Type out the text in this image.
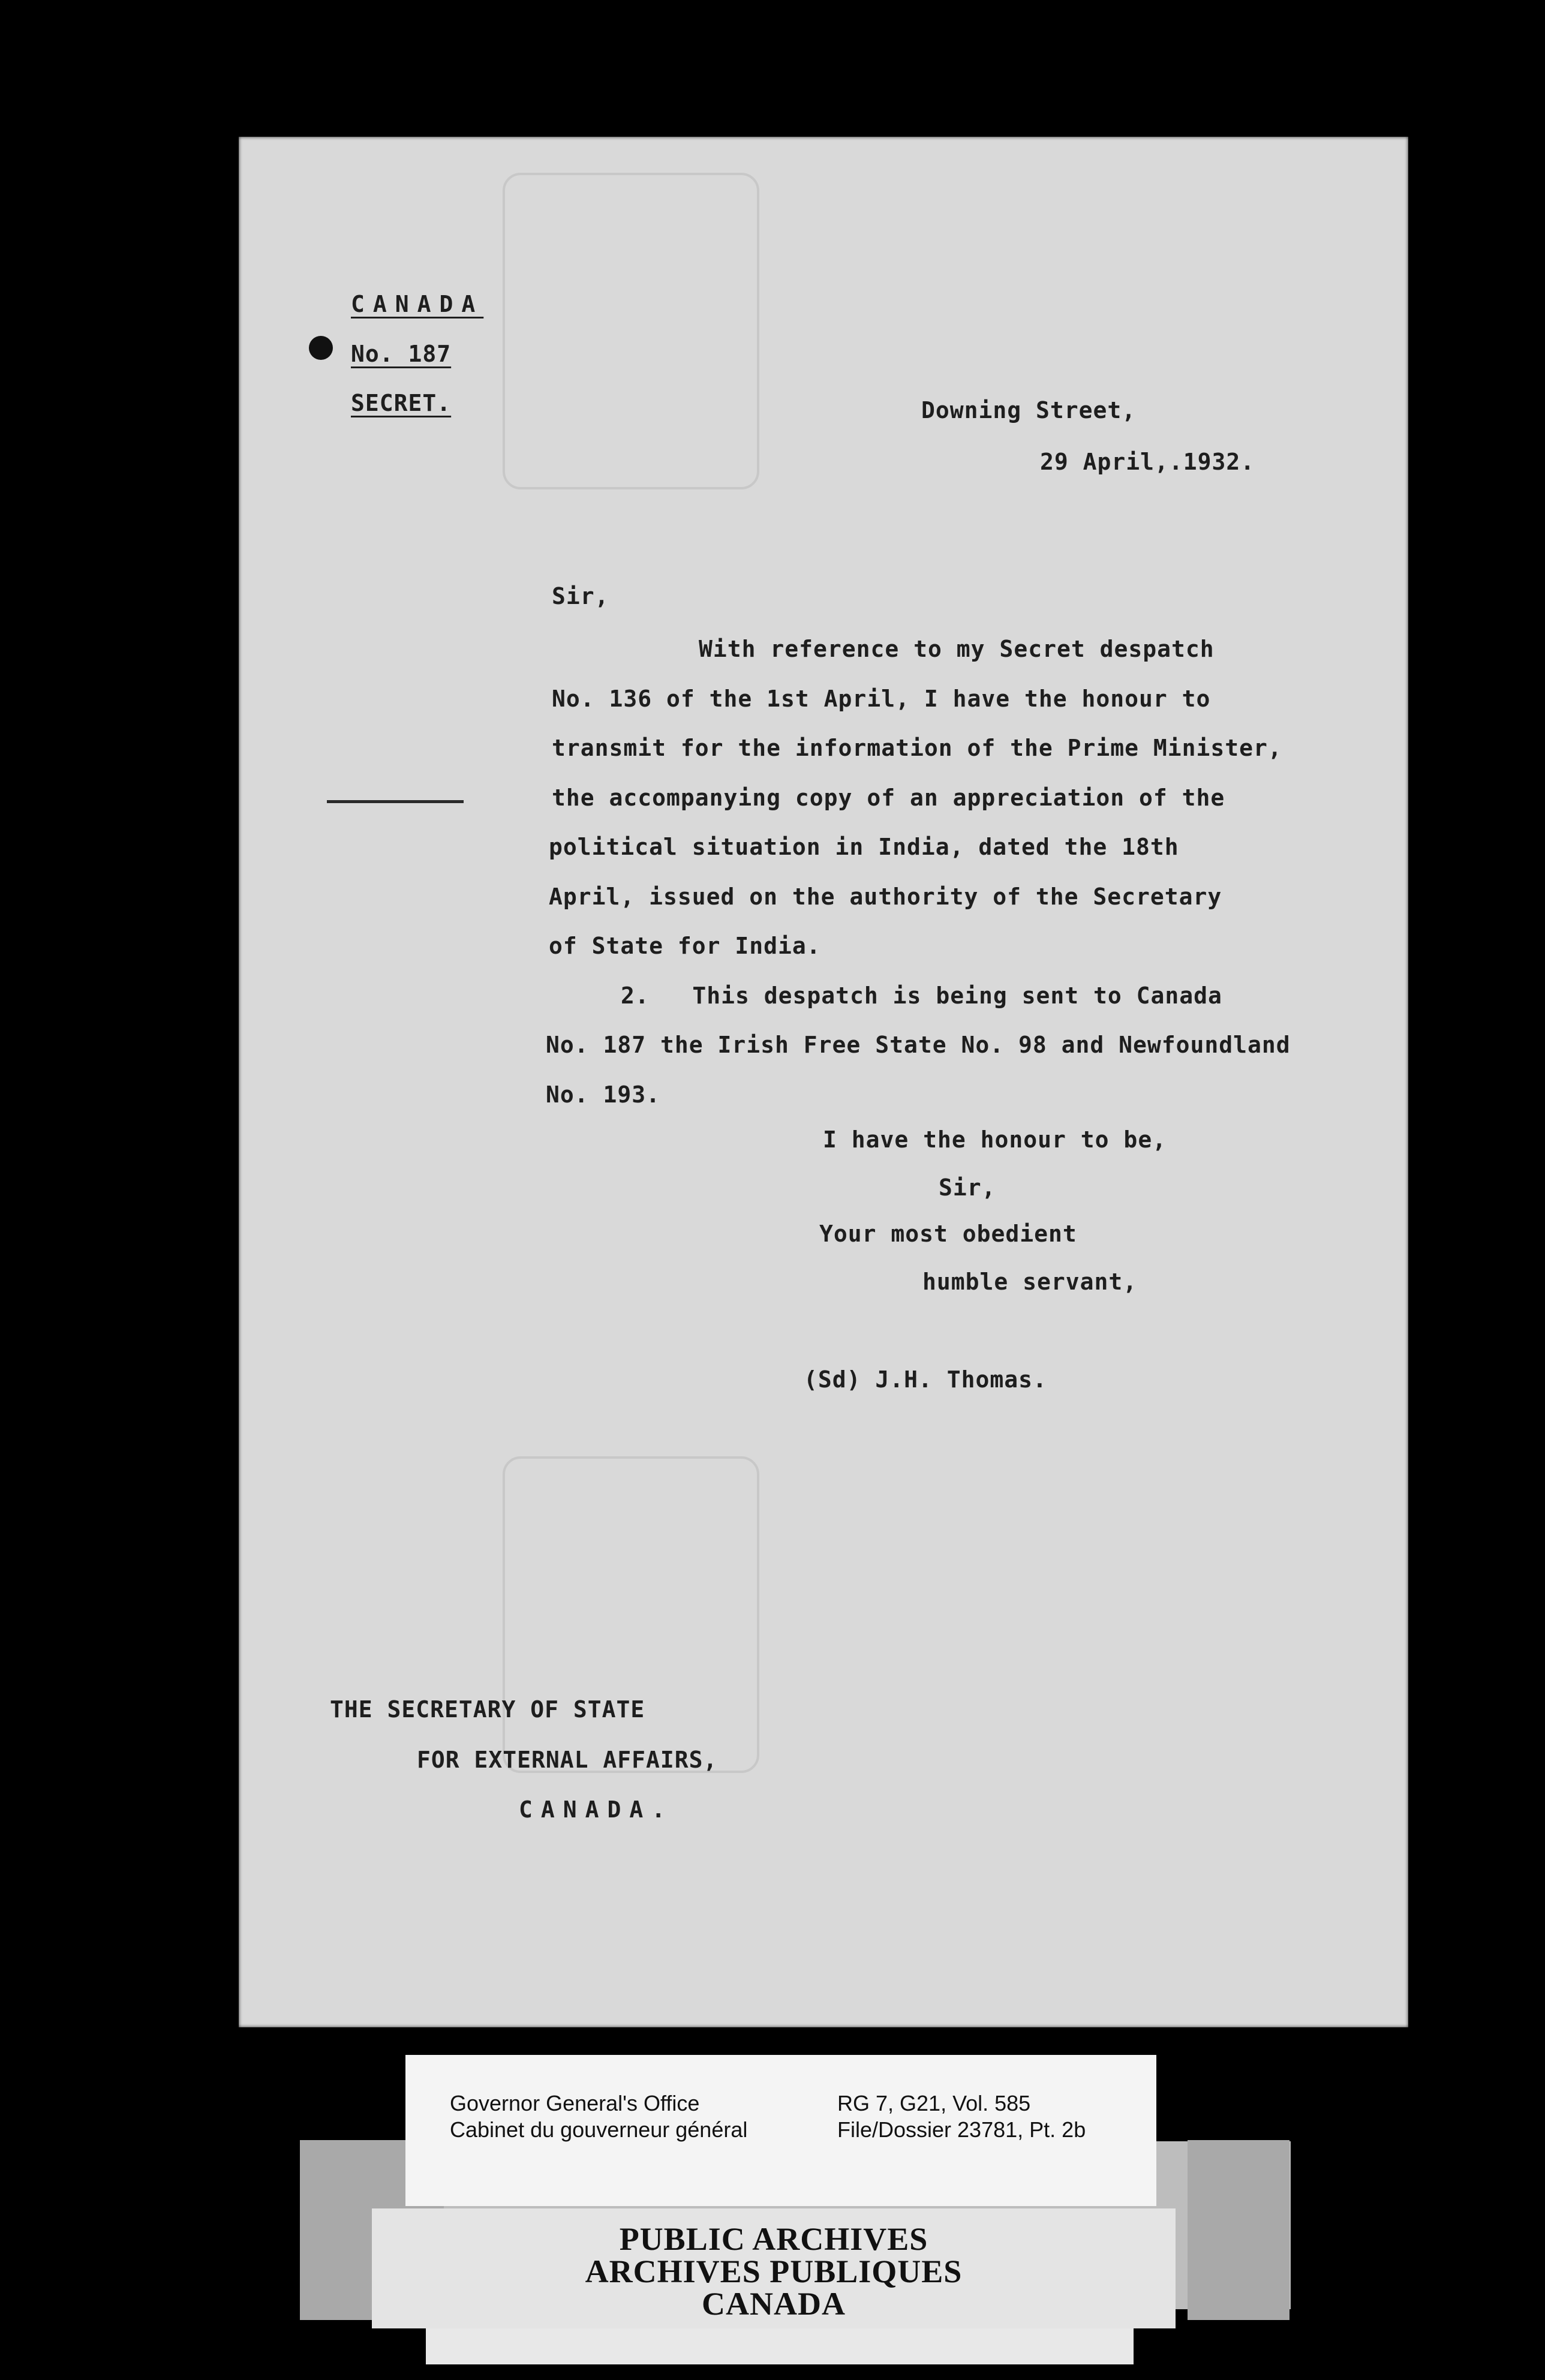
CANADA
No. 187
SECRET.	Downing Street,
29 April,.1932.
Sir,
With reference to my Secret despatch
No. 136 of the 1st April, I have the honour to
transmit for the information of the Prime Minister,
the accompanying copy of an appreciation of the
political situation in India, dated the 18th
April, issued on the authority of the Secretary
of State for India.
2.   This despatch is being sent to Canada
No. 187 the Irish Free State No. 98 and Newfoundland
No. 193.
I have the honour to be,
Sir,
Your most obedient
humble servant,
(Sd) J.H. Thomas.
THE SECRETARY OF STATE
FOR EXTERNAL AFFAIRS,
CANADA.
Governor General's Office
Cabinet du gouverneur général
RG 7, G21, Vol. 585
File/Dossier 23781, Pt. 2b
PUBLIC ARCHIVES
ARCHIVES PUBLIQUES
CANADA
